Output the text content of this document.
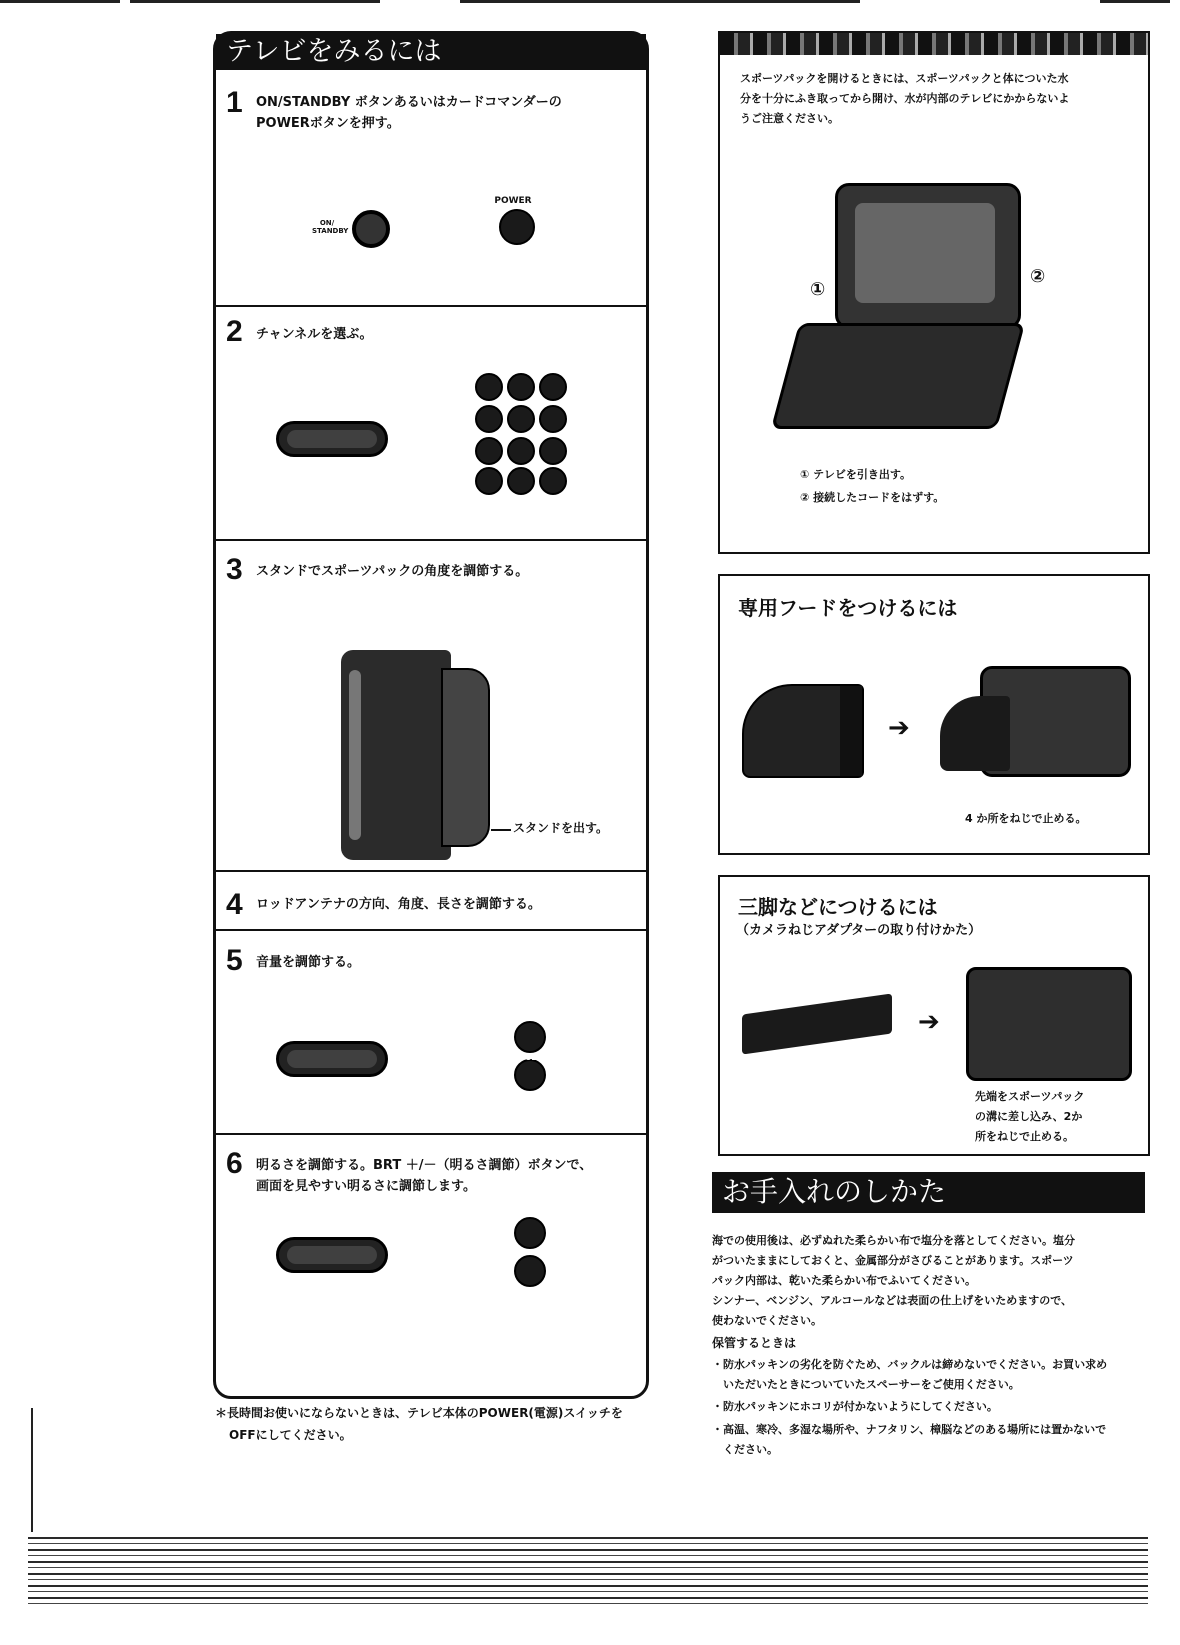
テレビをみるには
1 ON/STANDBY ボタンあるいはカードコマンダーの
POWERボタンを押す。
ON/ STANDBY
POWER
2 チャンネルを選ぶ。
3 スタンドでスポーツパックの角度を調節する。
スタンドを出す。
4 ロッドアンテナの方向、角度、長さを調節する。
5 音量を調節する。
VOL
6 明るさを調節する。BRT ＋/－（明るさ調節）ボタンで、
画面を見やすい明るさに調節します。
BRT
＊長時間お使いにならないときは、テレビ本体のPOWER(電源)スイッチを
OFFにしてください。
スポーツパックを開けるときには、スポーツパックと体についた水
分を十分にふき取ってから開け、水が内部のテレビにかからないよ
うご注意ください。
①
②
① テレビを引き出す。
② 接続したコードをはずす。
専用フードをつけるには
➔
4 か所をねじで止める。
三脚などにつけるには
（カメラねじアダプターの取り付けかた）
➔
先端をスポーツパック
の溝に差し込み、2か
所をねじで止める。
お手入れのしかた
海での使用後は、必ずぬれた柔らかい布で塩分を落としてください。塩分
がついたままにしておくと、金属部分がさびることがあります。スポーツ
パック内部は、乾いた柔らかい布でふいてください。
シンナー、ベンジン、アルコールなどは表面の仕上げをいためますので、
使わないでください。
保管するときは
・防水パッキンの劣化を防ぐため、バックルは締めないでください。お買い求め
　いただいたときについていたスペーサーをご使用ください。
・防水パッキンにホコリが付かないようにしてください。
・高温、寒冷、多湿な場所や、ナフタリン、樟脳などのある場所には置かないで
　ください。
